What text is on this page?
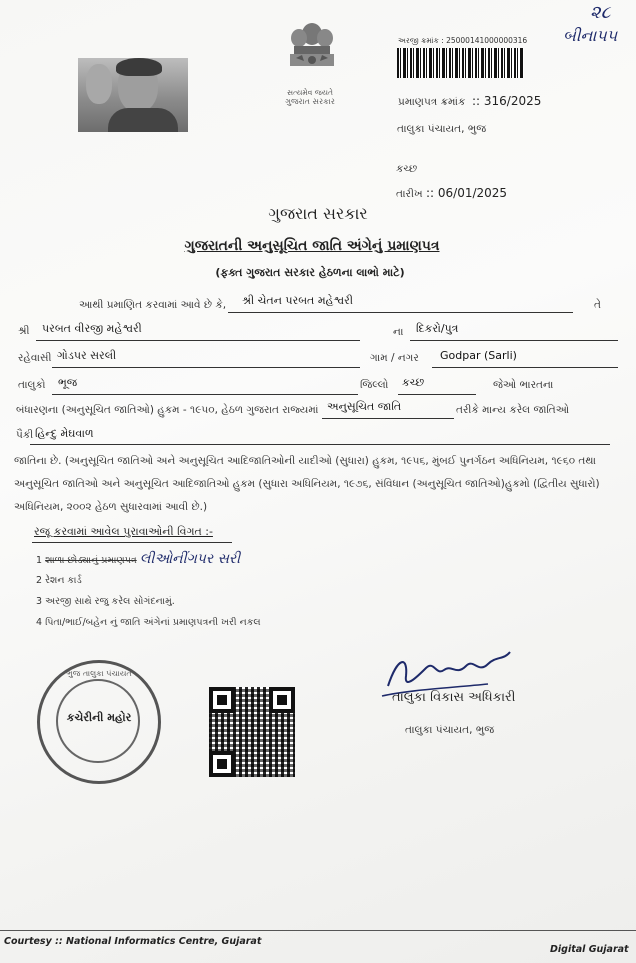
૨૮
બીનાપ૫
સત્યમેવ જયતે
ગુજરાત સરકાર
અરજી ક્રમાંક : 25000141000000316
પ્રમાણપત્ર ક્રમાંક :: 316/2025
તાલુકા પંચાયત, ભુજ
કચ્છ
તારીખ :: 06/01/2025
ગુજરાત સરકાર
ગુજરાતની અનુસૂચિત જાતિ અંગેનું પ્રમાણપત્ર
(ફક્ત ગુજરાત સરકાર હેઠળના લાભો માટે)
આથી પ્રમાણિત કરવામાં આવે છે કે, શ્રી ચેતન પરબત મહેશ્વરી	તે
શ્રી પરબત વીરજી મહેશ્વરી	ના દિકરો/પુત્ર
રહેવાસી ગોડપર સરલી	ગામ / નગર Godpar (Sarli)
તાલુકો ભૂજ	જિલ્લો કચ્છ	જેઓ ભારતના
બંધારણના (અનુસૂચિત જાતિઓ) હુકમ - ૧૯૫૦, હેઠળ ગુજરાત રાજ્યમાં અનુસૂચિત જાતિ	તરીકે માન્ય કરેલ જાતિઓ
પૈકી હિન્દુ મેઘવાળ
જાતિના છે. (અનુસૂચિત જાતિઓ અને અનુસૂચિત આદિજાતિઓની યાદીઓ (સુધારા) હુકમ, ૧૯૫૬, મુંબઈ પુનર્ગઠન અધિનિયમ, ૧૯૬૦ તથા
અનુસૂચિત જાતિઓ અને અનુસૂચિત આદિજાતિઓ હુકમ (સુધારા અધિનિયમ, ૧૯૭૬, સંવિધાન (અનુસૂચિત જાતિઓ)હુકમો (દ્વિતીય સુધારો)
અધિનિયમ, ૨૦૦૨ હેઠળ સુધારવામાં આવી છે.)
રજૂ કરવામાં આવેલ પુરાવાઓની વિગત :-
1 શાળા છોડ્યાનું પ્રમાણપત્ર લીઓનીંગપર સરી
2 રેશન કાર્ડ
3 અરજી સાથે રજુ કરેલ સોગંદનામું.
4 પિતા/ભાઈ/બહેન નું જાતિ અંગેનાં પ્રમાણપત્રની ખરી નકલ
ભુજ તાલુકા પંચાયત
કચેરીની મહોર
તાલુકા વિકાસ અધિકારી
તાલુકા પંચાયત, ભુજ
Courtesy :: National Informatics Centre, Gujarat
Digital Gujarat
